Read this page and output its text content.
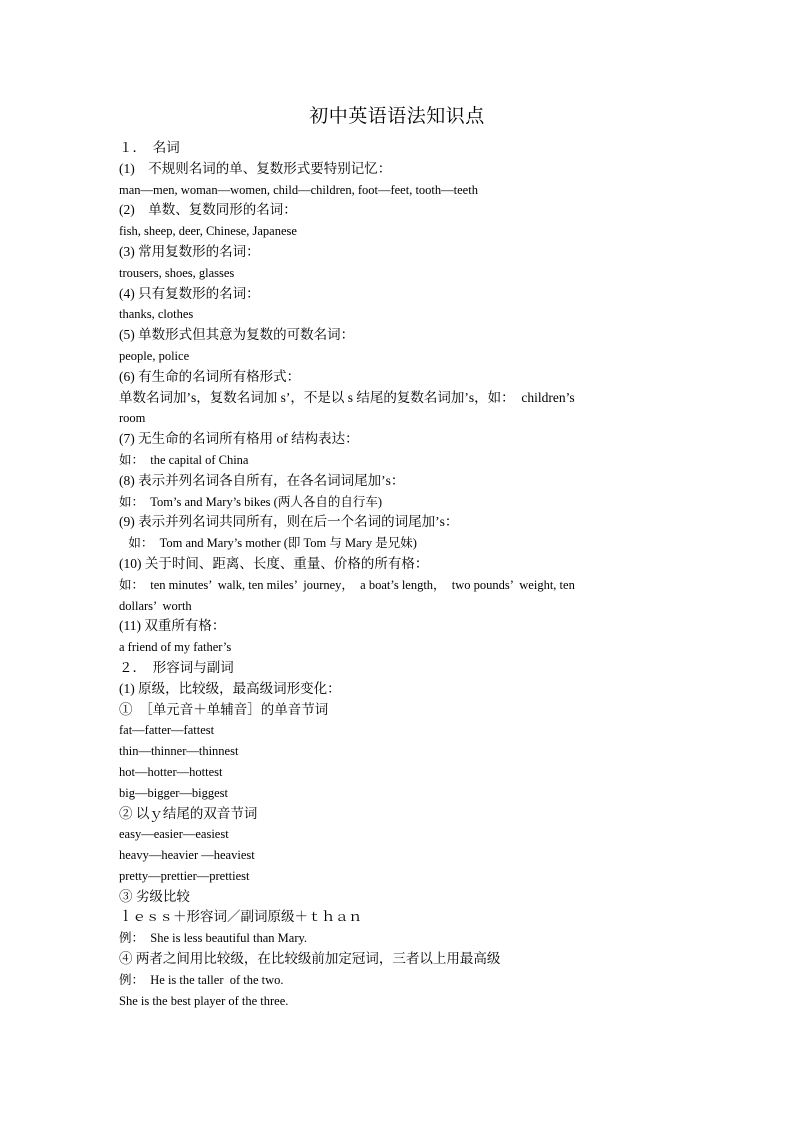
初中英语语法知识点
１．　名词
(1)　不规则名词的单、复数形式要特别记忆：
man—men, woman—women, child—children, foot—feet, tooth—teeth
(2)　单数、复数同形的名词：
fish, sheep, deer, Chinese, Japanese
(3) 常用复数形的名词：
trousers, shoes, glasses
(4) 只有复数形的名词：
thanks, clothes
(5) 单数形式但其意为复数的可数名词：
people, police
(6) 有生命的名词所有格形式：
单数名词加’s，复数名词加 s’，不是以 s 结尾的复数名词加’s，如：  children’s
room
(7) 无生命的名词所有格用 of 结构表达：
如：  the capital of China
(8) 表示并列名词各自所有，在各名词词尾加’s：
如：  Tom’s and Mary’s bikes (两人各自的自行车)
(9) 表示并列名词共同所有，则在后一个名词的词尾加’s：
如：  Tom and Mary’s mother (即 Tom 与 Mary 是兄妹)
(10) 关于时间、距离、长度、重量、价格的所有格：
如：  ten minutes’  walk, ten miles’  journey，  a boat’s length，  two pounds’  weight, ten
dollars’  worth
(11) 双重所有格：
a friend of my father’s
２．　形容词与副词
(1) 原级，比较级，最高级词形变化：
①　［单元音＋单辅音］的单音节词
fat—fatter—fattest
thin—thinner—thinnest
hot—hotter—hottest
big—bigger—biggest
② 以ｙ结尾的双音节词
easy—easier—easiest
heavy—heavier —heaviest
pretty—prettier—prettiest
③ 劣级比较
ｌｅｓｓ＋形容词／副词原级＋ｔｈａｎ
例：  She is less beautiful than Mary.
④ 两者之间用比较级，在比较级前加定冠词，三者以上用最高级
例：  He is the taller  of the two.
She is the best player of the three.
